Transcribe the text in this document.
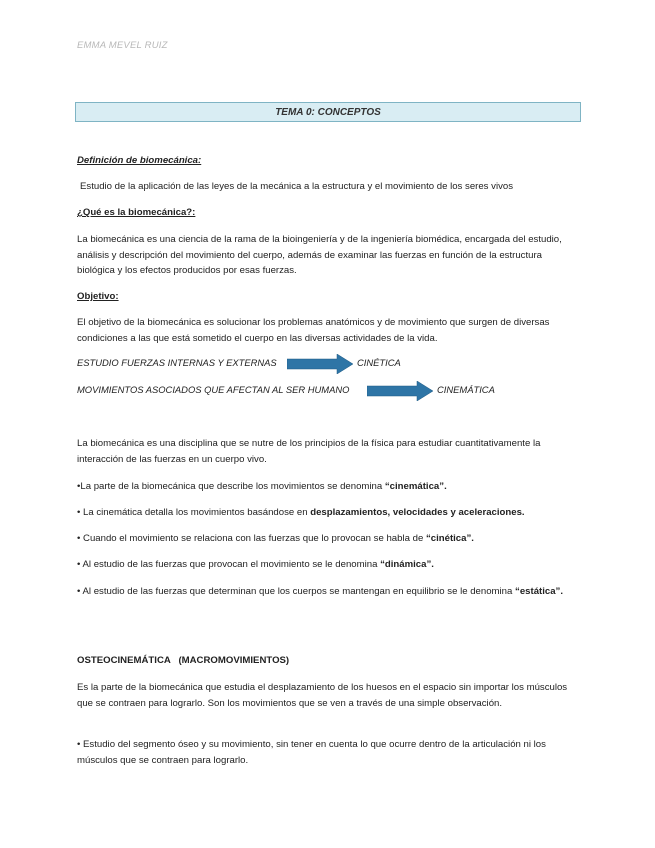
EMMA MEVEL RUIZ
TEMA 0: CONCEPTOS
Definición de biomecánica:
Estudio de la aplicación de las leyes de la mecánica a la estructura y el movimiento de los seres vivos
¿Qué es la biomecánica?:
La biomecánica es una ciencia de la rama de la bioingeniería y de la ingeniería biomédica, encargada del estudio, análisis y descripción del movimiento del cuerpo, además de examinar las fuerzas en función de la estructura biológica y los efectos producidos por esas fuerzas.
Objetivo:
El objetivo de la biomecánica es solucionar los problemas anatómicos y de movimiento que surgen de diversas condiciones a las que está sometido el cuerpo en las diversas actividades de la vida.
ESTUDIO FUERZAS INTERNAS Y EXTERNAS	CINÉTICA
MOVIMIENTOS ASOCIADOS QUE AFECTAN AL SER HUMANO	CINEMÁTICA
La biomecánica es una disciplina que se nutre de los principios de la física para estudiar cuantitativamente la interacción de las fuerzas en un cuerpo vivo.
•La parte de la biomecánica que describe los movimientos se denomina “cinemática”.
• La cinemática detalla los movimientos basándose en desplazamientos, velocidades y aceleraciones.
• Cuando el movimiento se relaciona con las fuerzas que lo provocan se habla de “cinética”.
• Al estudio de las fuerzas que provocan el movimiento se le denomina “dinámica”.
• Al estudio de las fuerzas que determinan que los cuerpos se mantengan en equilibrio se le denomina “estática”.
OSTEOCINEMÁTICA   (MACROMOVIMIENTOS)
Es la parte de la biomecánica que estudia el desplazamiento de los huesos en el espacio sin importar los músculos que se contraen para lograrlo. Son los movimientos que se ven a través de una simple observación.
• Estudio del segmento óseo y su movimiento, sin tener en cuenta lo que ocurre dentro de la articulación ni los músculos que se contraen para lograrlo.
